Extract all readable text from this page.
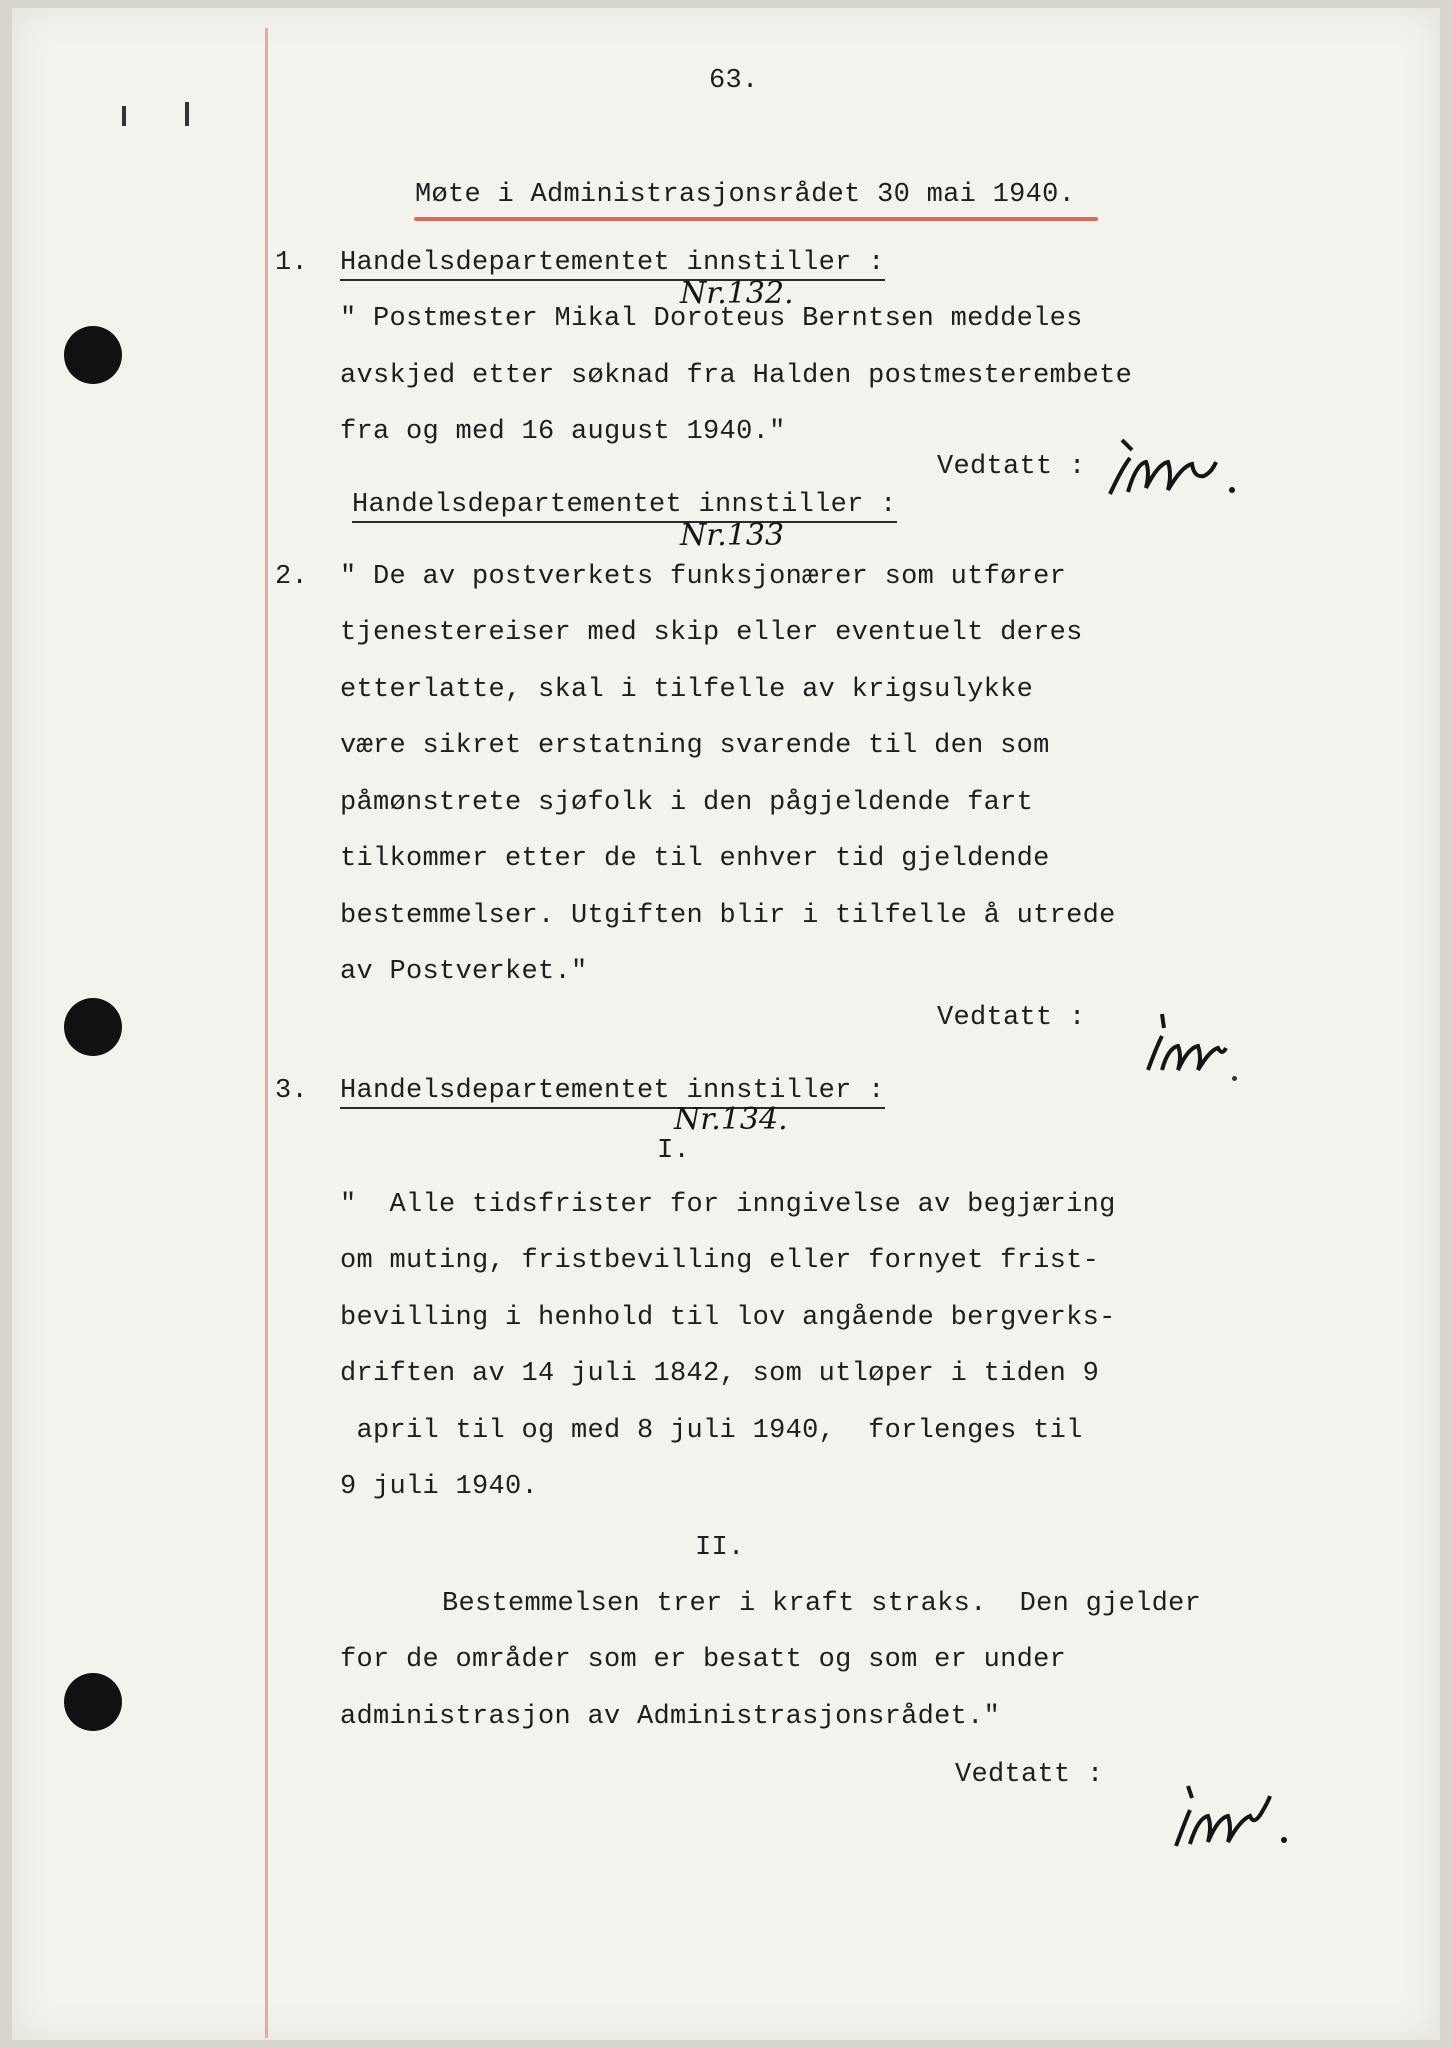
63.
Møte i Administrasjonsrådet 30 mai 1940.
1. Handelsdepartementet innstiller :
Nr.132.
" Postmester Mikal Doroteus Berntsen meddeles
avskjed etter søknad fra Halden postmesterembete
fra og med 16 august 1940."
Vedtatt :
Handelsdepartementet innstiller :
Nr.133
2. " De av postverkets funksjonærer som utfører
tjenestereiser med skip eller eventuelt deres
etterlatte, skal i tilfelle av krigsulykke
være sikret erstatning svarende til den som
påmønstrete sjøfolk i den pågjeldende fart
tilkommer etter de til enhver tid gjeldende
bestemmelser. Utgiften blir i tilfelle å utrede
av Postverket."
Vedtatt :
3. Handelsdepartementet innstiller :
Nr.134.
I.
"  Alle tidsfrister for inngivelse av begjæring
om muting, fristbevilling eller fornyet frist-
bevilling i henhold til lov angående bergverks-
driften av 14 juli 1842, som utløper i tiden 9
april til og med 8 juli 1940,  forlenges til
9 juli 1940.
II.
Bestemmelsen trer i kraft straks.  Den gjelder
for de områder som er besatt og som er under
administrasjon av Administrasjonsrådet."
Vedtatt :
